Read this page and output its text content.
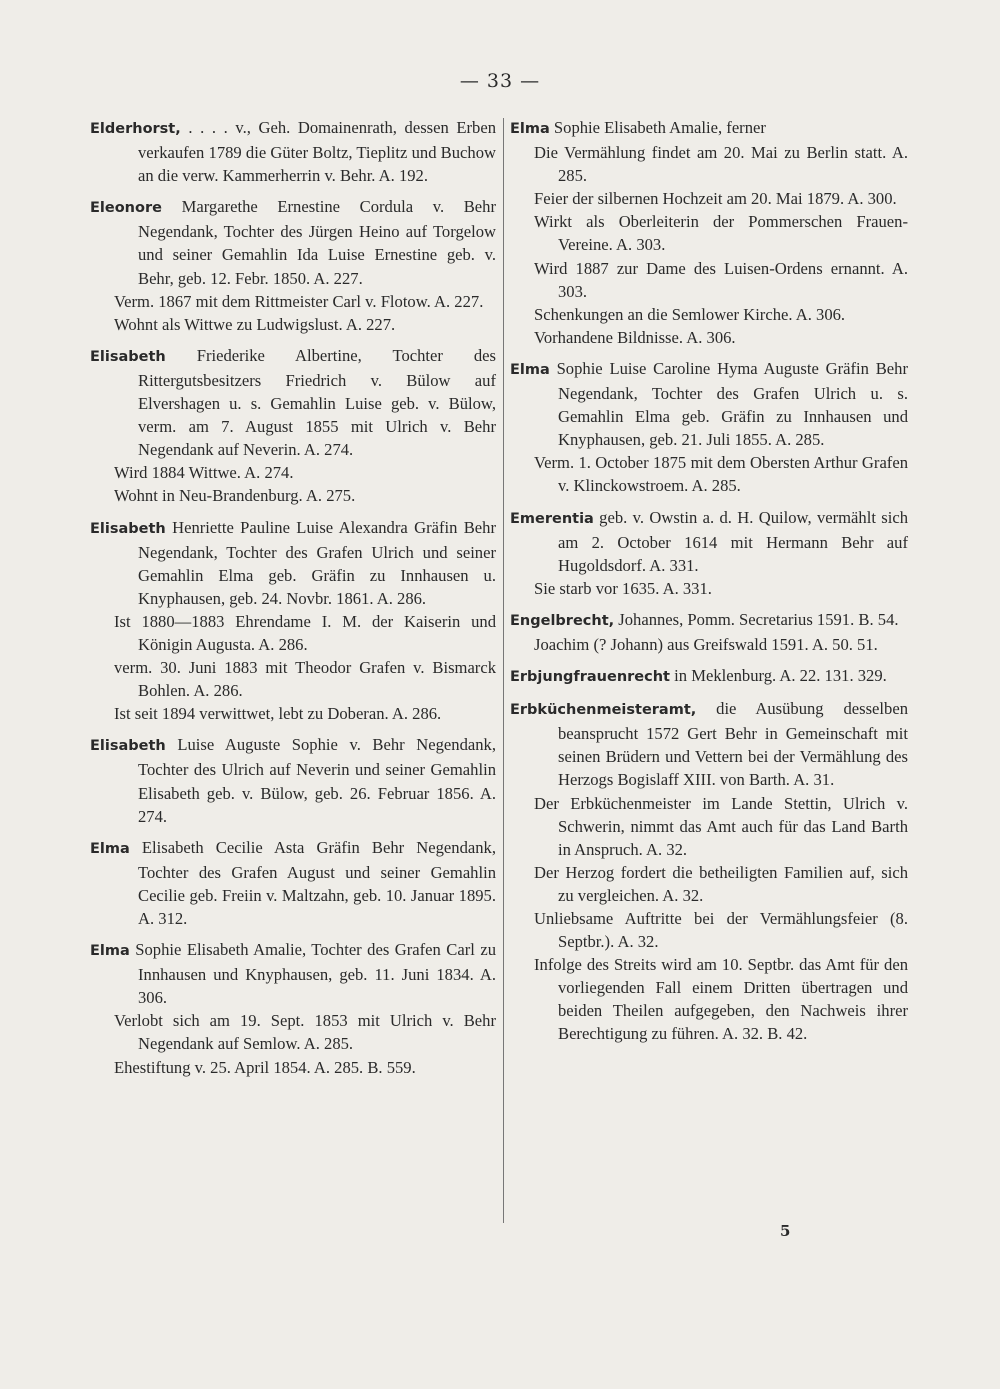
— 33 —
Elderhorst, . . . . v., Geh. Domainenrath, dessen Erben verkaufen 1789 die Güter Boltz, Tieplitz und Buchow an die verw. Kammerherrin v. Behr. A. 192.
Eleonore Margarethe Ernestine Cordula v. Behr Negendank, Tochter des Jürgen Heino auf Torgelow und seiner Gemahlin Ida Luise Ernestine geb. v. Behr, geb. 12. Febr. 1850. A. 227.
Verm. 1867 mit dem Rittmeister Carl v. Flotow. A. 227.
Wohnt als Wittwe zu Ludwigslust. A. 227.
Elisabeth Friederike Albertine, Tochter des Rittergutsbesitzers Friedrich v. Bülow auf Elvershagen u. s. Gemahlin Luise geb. v. Bülow, verm. am 7. August 1855 mit Ulrich v. Behr Negendank auf Neverin. A. 274.
Wird 1884 Wittwe. A. 274.
Wohnt in Neu-Brandenburg. A. 275.
Elisabeth Henriette Pauline Luise Alexandra Gräfin Behr Negendank, Tochter des Grafen Ulrich und seiner Gemahlin Elma geb. Gräfin zu Innhausen u. Knyphausen, geb. 24. Novbr. 1861. A. 286.
Ist 1880—1883 Ehrendame I. M. der Kaiserin und Königin Augusta. A. 286.
verm. 30. Juni 1883 mit Theodor Grafen v. Bismarck Bohlen. A. 286.
Ist seit 1894 verwittwet, lebt zu Doberan. A. 286.
Elisabeth Luise Auguste Sophie v. Behr Negendank, Tochter des Ulrich auf Neverin und seiner Gemahlin Elisabeth geb. v. Bülow, geb. 26. Februar 1856. A. 274.
Elma Elisabeth Cecilie Asta Gräfin Behr Negendank, Tochter des Grafen August und seiner Gemahlin Cecilie geb. Freiin v. Maltzahn, geb. 10. Januar 1895. A. 312.
Elma Sophie Elisabeth Amalie, Tochter des Grafen Carl zu Innhausen und Knyphausen, geb. 11. Juni 1834. A. 306.
Verlobt sich am 19. Sept. 1853 mit Ulrich v. Behr Negendank auf Semlow. A. 285.
Ehestiftung v. 25. April 1854. A. 285. B. 559.
Elma Sophie Elisabeth Amalie, ferner
Die Vermählung findet am 20. Mai zu Berlin statt. A. 285.
Feier der silbernen Hochzeit am 20. Mai 1879. A. 300.
Wirkt als Oberleiterin der Pommerschen Frauen-Vereine. A. 303.
Wird 1887 zur Dame des Luisen-Ordens ernannt. A. 303.
Schenkungen an die Semlower Kirche. A. 306.
Vorhandene Bildnisse. A. 306.
Elma Sophie Luise Caroline Hyma Auguste Gräfin Behr Negendank, Tochter des Grafen Ulrich u. s. Gemahlin Elma geb. Gräfin zu Innhausen und Knyphausen, geb. 21. Juli 1855. A. 285.
Verm. 1. October 1875 mit dem Obersten Arthur Grafen v. Klinckowstroem. A. 285.
Emerentia geb. v. Owstin a. d. H. Quilow, vermählt sich am 2. October 1614 mit Hermann Behr auf Hugoldsdorf. A. 331.
Sie starb vor 1635. A. 331.
Engelbrecht, Johannes, Pomm. Secretarius 1591. B. 54.
Joachim (? Johann) aus Greifswald 1591. A. 50. 51.
Erbjungfrauenrecht in Meklenburg. A. 22. 131. 329.
Erbküchenmeisteramt, die Ausübung desselben beansprucht 1572 Gert Behr in Gemeinschaft mit seinen Brüdern und Vettern bei der Vermählung des Herzogs Bogislaff XIII. von Barth. A. 31.
Der Erbküchenmeister im Lande Stettin, Ulrich v. Schwerin, nimmt das Amt auch für das Land Barth in Anspruch. A. 32.
Der Herzog fordert die betheiligten Familien auf, sich zu vergleichen. A. 32.
Unliebsame Auftritte bei der Vermählungsfeier (8. Septbr.). A. 32.
Infolge des Streits wird am 10. Septbr. das Amt für den vorliegenden Fall einem Dritten übertragen und beiden Theilen aufgegeben, den Nachweis ihrer Berechtigung zu führen. A. 32. B. 42.
5
